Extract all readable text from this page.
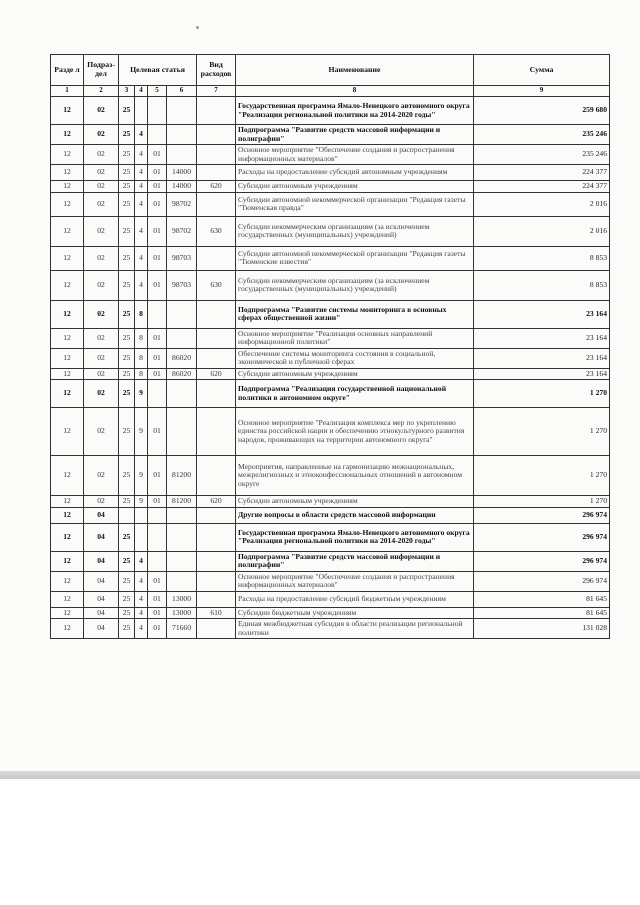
Разде л	Подраз- дел	Целевая статья				Вид расходов	Наименование	Сумма
1	2	3	4	5	6	7	8	9
12	02	25					Государственная программа Ямало-Ненецкого автономного округа "Реализация региональной политики на 2014-2020 годы"	259 680
12	02	25	4				Подпрограмма "Развитие средств массовой информации и полиграфии"	235 246
12	02	25	4	01			Основное мероприятие "Обеспечение создания и распространения информационных материалов"	235 246
12	02	25	4	01	14000		Расходы на предоставление субсидий автономным учреждениям	224 377
12	02	25	4	01	14000	620	Субсидии автономным учреждениям	224 377
12	02	25	4	01	98702		Субсидии автономной некоммерческой организации "Редакция газеты "Тюменская правда"	2 016
12	02	25	4	01	98702	630	Субсидии некоммерческим организациям (за исключением государственных (муниципальных) учреждений)	2 016
12	02	25	4	01	98703		Субсидии автономной некоммерческой организации "Редакция газеты "Тюменские известия"	8 853
12	02	25	4	01	98703	630	Субсидии некоммерческим организациям (за исключением государственных (муниципальных) учреждений)	8 853
12	02	25	8				Подпрограмма "Развитие системы мониторинга в основных сферах общественной жизни"	23 164
12	02	25	8	01			Основное мероприятие "Реализация основных направлений информационной политики"	23 164
12	02	25	8	01	86020		Обеспечение системы мониторинга состояния в социальной, экономической и публичной сферах	23 164
12	02	25	8	01	86020	620	Субсидии автономным учреждениям	23 164
12	02	25	9				Подпрограмма "Реализация государственной национальной политики в автономном округе"	1 270
12	02	25	9	01			Основное мероприятие "Реализация комплекса мер по укреплению единства российской нации и обеспечению этнокультурного развития народов, проживающих на территории автономного округа"	1 270
12	02	25	9	01	81200		Мероприятия, направленные на гармонизацию межнациональных, межрелигиозных и этноконфессиональных отношений в автономном округе	1 270
12	02	25	9	01	81200	620	Субсидии автономным учреждениям	1 270
12	04						Другие вопросы в области средств массовой информации	296 974
12	04	25					Государственная программа Ямало-Ненецкого автономного округа "Реализация региональной политики на 2014-2020 годы"	296 974
12	04	25	4				Подпрограмма "Развитие средств массовой информации и полиграфии"	296 974
12	04	25	4	01			Основное мероприятие "Обеспечение создания и распространения информационных материалов"	296 974
12	04	25	4	01	13000		Расходы на предоставление субсидий бюджетным учреждениям	81 645
12	04	25	4	01	13000	610	Субсидии бюджетным учреждениям	81 645
12	04	25	4	01	71660		Единая межбюджетная субсидия в области реализации региональной политики	131 028
